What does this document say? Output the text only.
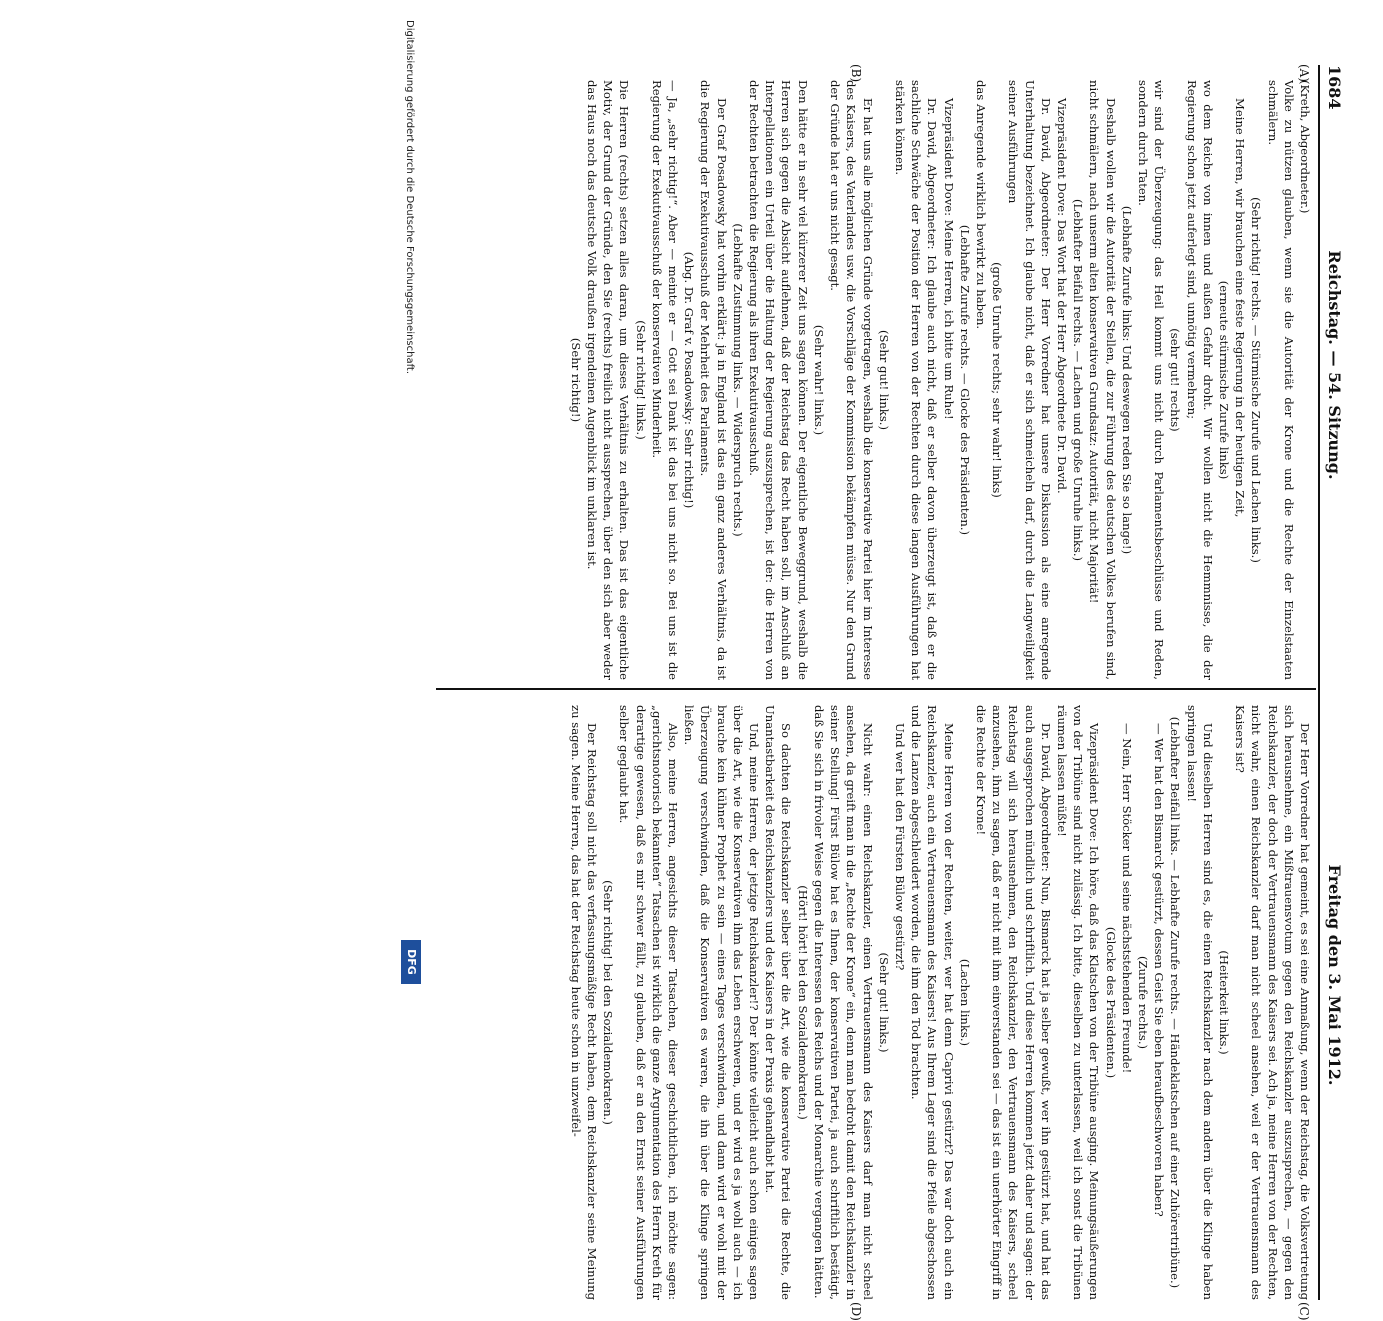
1684
Reichstag. — 54. Sitzung.
Freitag den 3. Mai 1912.
(A)
(B)
(C)
(D)

(Kreth, Abgeordneter.)

Volke zu nützen glauben, wenn sie die Autorität der Krone und die Rechte der Einzelstaaten schmälern.

(Sehr richtig! rechts. — Stürmische Zurufe und Lachen links.)

Meine Herren, wir brauchen eine feste Regierung in der heutigen Zeit,

(erneute stürmische Zurufe links)

wo dem Reiche von innen und außen Gefahr droht. Wir wollen nicht die Hemmnisse, die der Regierung schon jetzt auferlegt sind, unnötig vermehren;

(sehr gut! rechts)

wir sind der Überzeugung: das Heil kommt uns nicht durch Parlamentsbeschlüsse und Reden, sondern durch Taten.

(Lebhafte Zurufe links: Und deswegen reden Sie so lange!)

Deshalb wollen wir die Autorität der Stellen, die zur Führung des deutschen Volkes berufen sind, nicht schmälern, nach unserm alten konservativen Grundsatz: Autorität, nicht Majorität!

(Lebhafter Beifall rechts. — Lachen und große Unruhe links.)

Vizepräsident Dove: Das Wort hat der Herr Abgeordnete Dr. David.

Dr. David, Abgeordneter: Der Herr Vorredner hat unsere Diskussion als eine anregende Unterhaltung bezeichnet. Ich glaube nicht, daß er sich schmeicheln darf, durch die Langweiligkeit seiner Ausführungen

(große Unruhe rechts; sehr wahr! links)

das Anregende wirklich bewirkt zu haben.

(Lebhafte Zurufe rechts. — Glocke des Präsidenten.)

Vizepräsident Dove: Meine Herren, ich bitte um Ruhe!

Dr. David, Abgeordneter: Ich glaube auch nicht, daß er selber davon überzeugt ist, daß er die sachliche Schwäche der Position der Herren von der Rechten durch diese langen Ausführungen hat stärken können.

(Sehr gut! links.)

Er hat uns alle möglichen Gründe vorgetragen, weshalb die konservative Partei hier im Interesse des Kaisers, des Vaterlandes usw. die Vorschläge der Kommission bekämpfen müsse. Nur den Grund der Gründe hat er uns nicht gesagt.

(Sehr wahr! links.)

Den hätte er in sehr viel kürzerer Zeit uns sagen können. Der eigentliche Beweggrund, weshalb die Herren sich gegen die Absicht auflehnen, daß der Reichstag das Recht haben soll, im Anschluß an Interpellationen ein Urteil über die Haltung der Regierung auszusprechen, ist der: die Herren von der Rechten betrachten die Regierung als ihren Exekutivausschuß.

(Lebhafte Zustimmung links. — Widerspruch rechts.)

Der Graf Posadowsky hat vorhin erklärt: ja in England ist das ein ganz anderes Verhältnis, da ist die Regierung der Exekutivausschuß der Mehrheit des Parlaments.

(Abg. Dr. Graf v. Posadowsky: Sehr richtig!)

— Ja, „sehr richtig!“. Aber — meinte er — Gott sei Dank ist das bei uns nicht so. Bei uns ist die Regierung der Exekutivausschuß der konservativen Minderheit.

(Sehr richtig! links.)

Die Herren (rechts) setzen alles daran, um dieses Verhältnis zu erhalten. Das ist das eigentliche Motiv, der Grund der Gründe, den Sie (rechts) freilich nicht aussprechen, über den sich aber weder das Haus noch das deutsche Volk draußen irgendeinen Augenblick im unklaren ist.

(Sehr richtig!)

Der Herr Vorredner hat gemeint, es sei eine Anmaßung, wenn der Reichstag, die Volksvertretung sich herausnehme, ein Mißtrauensvotum gegen den Reichskanzler auszusprechen, — gegen den Reichskanzler, der doch der Vertrauensmann des Kaisers sei. Ach ja, meine Herren von der Rechten, nicht wahr, einen Reichskanzler darf man nicht scheel ansehen, weil er der Vertrauensmann des Kaisers ist?

(Heiterkeit links.)

Und dieselben Herren sind es, die einen Reichskanzler nach dem andern über die Klinge haben springen lassen!

(Lebhafter Beifall links. — Lebhafte Zurufe rechts. — Händeklatschen auf einer Zuhörertribüne.)

— Wer hat den Bismarck gestürzt, dessen Geist Sie eben heraufbeschworen haben?

(Zurufe rechts.)

— Nein, Herr Stöcker und seine nächststehenden Freunde!

(Glocke des Präsidenten.)

Vizepräsident Dove: Ich höre, daß das Klatschen von der Tribüne ausging. Meinungsäußerungen von der Tribüne sind nicht zulässig. Ich bitte, dieselben zu unterlassen, weil ich sonst die Tribünen räumen lassen müßte!

Dr. David, Abgeordneter: Nun, Bismarck hat ja selber gewußt, wer ihn gestürzt hat, und hat das auch ausgesprochen mündlich und schriftlich. Und diese Herren kommen jetzt daher und sagen: der Reichstag will sich herausnehmen, den Reichskanzler, den Vertrauensmann des Kaisers, scheel anzusehen, ihm zu sagen, daß er nicht mit ihm einverstanden sei — das ist ein unerhörter Eingriff in die Rechte der Krone!

(Lachen links.)

Meine Herren von der Rechten, weiter, wer hat denn Caprivi gestürzt? Das war doch auch ein Reichskanzler, auch ein Vertrauensmann des Kaisers! Aus Ihrem Lager sind die Pfeile abgeschossen und die Lanzen abgeschleudert worden, die ihm den Tod brachten.

Und wer hat den Fürsten Bülow gestürzt?

(Sehr gut! links.)

Nicht wahr: einen Reichskanzler, einen Vertrauensmann des Kaisers darf man nicht scheel ansehen, da greift man in die „Rechte der Krone“ ein, denn man bedroht damit den Reichskanzler in seiner Stellung! Fürst Bülow hat es Ihnen, der konservativen Partei, ja auch schriftlich bestätigt, daß Sie sich in frivoler Weise gegen die Interessen des Reichs und der Monarchie vergangen hätten.

(Hört! hört! bei den Sozialdemokraten.)

So dachten die Reichskanzler selber über die Art, wie die konservative Partei die Rechte, die Unantastbarkeit des Reichskanzlers und des Kaisers in der Praxis gehandhabt hat.

Und, meine Herren, der jetzige Reichskanzler!? Der könnte vielleicht auch schon einiges sagen über die Art, wie die Konservativen ihm das Leben erschweren, und er wird es ja wohl auch — ich brauche kein kühner Prophet zu sein — eines Tages verschwinden, und dann wird er wohl mit der Überzeugung verschwinden, daß die Konservativen es waren, die ihn über die Klinge springen ließen.

Also, meine Herren, angesichts dieser Tatsachen, dieser geschichtlichen, ich möchte sagen: „gerichtsnotorisch bekannten“ Tatsachen ist wirklich die ganze Argumentation des Herrn Kreth für derartige gewesen, daß es mir schwer fällt, zu glauben, daß er an den Ernst seiner Ausführungen selber geglaubt hat.

(Sehr richtig! bei den Sozialdemokraten.)

Der Reichstag soll nicht das verfassungsmäßige Recht haben, dem Reichskanzler seine Meinung zu sagen. Meine Herren, das hat der Reichstag heute schon in unzweifel-

Digitalisierung gefördert durch die Deutsche Forschungsgemeinschaft.
DFG
